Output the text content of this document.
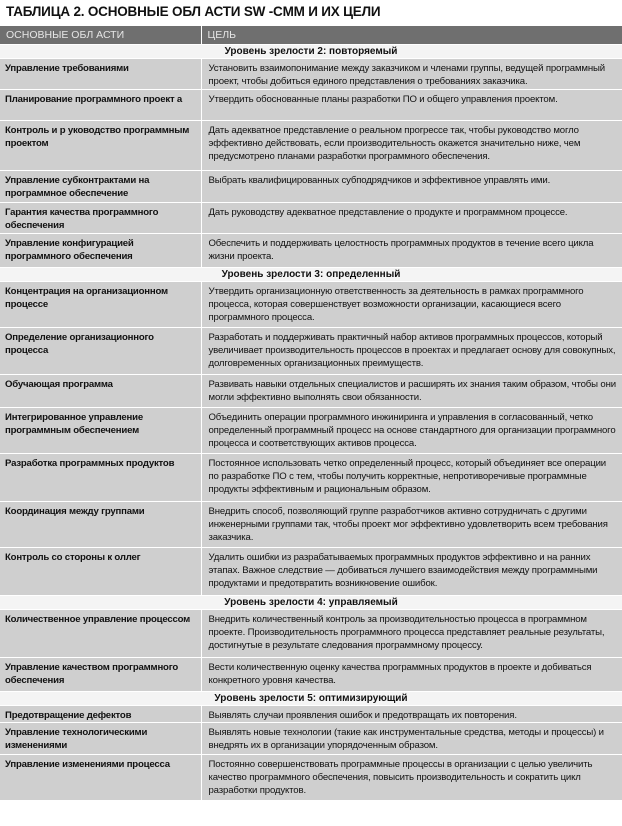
ТАБЛИЦА 2. ОСНОВНЫЕ ОБЛ АСТИ SW -CMM И ИХ ЦЕЛИ
ОСНОВНЫЕ ОБЛ АСТИ	ЦЕЛЬ
Уровень зрелости 2: повторяемый	
Управление требованиями	Установить взаимопонимание между заказчиком и членами группы, ведущей программный проект, чтобы добиться единого представления о требованиях заказчика.
Планирование программного проект а	Утвердить обоснованные планы разработки ПО и общего управления проектом.
Контроль и р уководство программным проектом	Дать адекватное представление о реальном прогрессе так, чтобы руководство могло эффективно действовать, если производительность окажется значительно ниже, чем предусмотрено планами разработки программного обеспечения.
Управление субконтрактами на программное обеспечение	Выбрать квалифицированных субподрядчиков и эффективное управлять ими.
Гарантия качества программного обеспечения	Дать руководству адекватное представление о продукте и программном процессе.
Управление конфигурацией программного обеспечения	Обеспечить и поддерживать целостность программных продуктов в течение всего цикла жизни проекта.
Уровень зрелости 3: определенный	
Концентрация на организационном процессе	Утвердить организационную ответственность за деятельность в рамках программного процесса, которая совершенствует возможности организации, касающиеся всего программного процесса.
Определение организационного процесса	Разработать и поддерживать практичный набор активов программных процессов, который увеличивает производительность процессов в проектах и предлагает основу для совокупных, долговременных организационных преимуществ.
Обучающая программа	Развивать навыки отдельных специалистов и расширять их знания таким образом, чтобы они могли эффективно выполнять свои обязанности.
Интегрированное управление программным обеспечением	Объединить операции программного инжиниринга и управления в согласованный, четко определенный программный процесс на основе стандартного для организации программного процесса и соответствующих активов процесса.
Разработка программных продуктов	Постоянное использовать четко определенный процесс, который объединяет все операции по разработке ПО с тем, чтобы получить корректные, непротиворечивые программные продукты эффективным и рациональным образом.
Координация между группами	Внедрить способ, позволяющий группе разработчиков активно сотрудничать с другими инженерными группами так, чтобы проект мог эффективно удовлетворить всем требования заказчика.
Контроль со стороны к оллег	Удалить ошибки из разрабатываемых программных продуктов эффективно и на ранних этапах. Важное следствие — добиваться лучшего взаимодействия между программными продуктами и предотвратить возникновение ошибок.
Уровень зрелости 4: управляемый	
Количественное управление процессом	Внедрить количественный контроль за производительностью процесса в программном проекте. Производительность программного процесса представляет реальные результаты, достигнутые в результате следования программному процессу.
Управление качеством программного обеспечения	Вести количественную оценку качества программных продуктов в проекте и добиваться конкретного уровня качества.
Уровень зрелости 5: оптимизирующий	
Предотвращение дефектов	Выявлять случаи проявления ошибок и предотвращать их повторения.
Управление технологическими изменениями	Выявлять новые технологии (такие как инструментальные средства, методы и процессы) и внедрять их в организации упорядоченным образом.
Управление изменениями процесса	Постоянно совершенствовать программные процессы в организации с целью увеличить качество программного обеспечения, повысить производительность и сократить цикл разработки продуктов.
